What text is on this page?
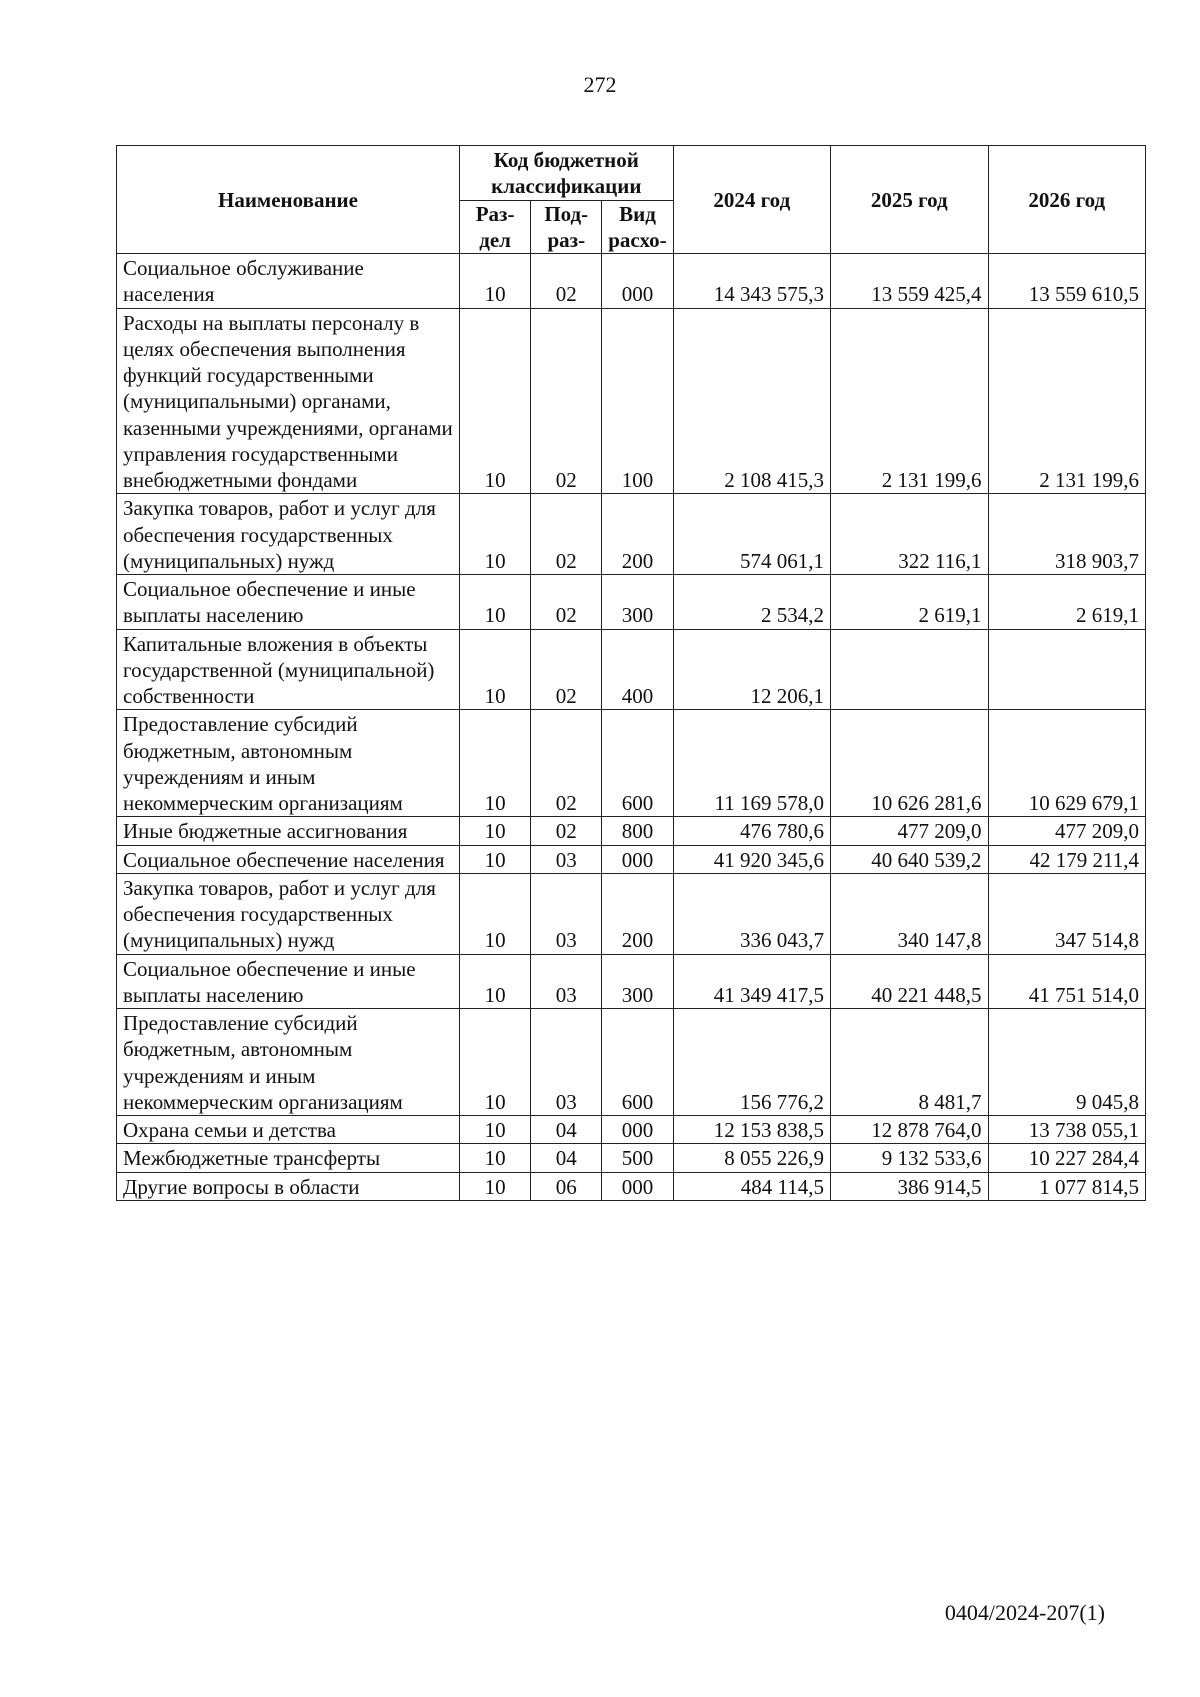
272
Наименование	Код бюджетной классификации			2024 год	2025 год	2026 год
	Раз- дел	Под- раз-	Вид расхо-			
Социальное обслуживание населения	10	02	000	14 343 575,3	13 559 425,4	13 559 610,5
Расходы на выплаты персоналу в целях обеспечения выполнения функций государственными (муниципальными) органами, казенными учреждениями, органами управления государственными внебюджетными фондами	10	02	100	2 108 415,3	2 131 199,6	2 131 199,6
Закупка товаров, работ и услуг для обеспечения государственных (муниципальных) нужд	10	02	200	574 061,1	322 116,1	318 903,7
Социальное обеспечение и иные выплаты населению	10	02	300	2 534,2	2 619,1	2 619,1
Капитальные вложения в объекты государственной (муниципальной) собственности	10	02	400	12 206,1		
Предоставление субсидий бюджетным, автономным учреждениям и иным некоммерческим организациям	10	02	600	11 169 578,0	10 626 281,6	10 629 679,1
Иные бюджетные ассигнования	10	02	800	476 780,6	477 209,0	477 209,0
Социальное обеспечение населения	10	03	000	41 920 345,6	40 640 539,2	42 179 211,4
Закупка товаров, работ и услуг для обеспечения государственных (муниципальных) нужд	10	03	200	336 043,7	340 147,8	347 514,8
Социальное обеспечение и иные выплаты населению	10	03	300	41 349 417,5	40 221 448,5	41 751 514,0
Предоставление субсидий бюджетным, автономным учреждениям и иным некоммерческим организациям	10	03	600	156 776,2	8 481,7	9 045,8
Охрана семьи и детства	10	04	000	12 153 838,5	12 878 764,0	13 738 055,1
Межбюджетные трансферты	10	04	500	8 055 226,9	9 132 533,6	10 227 284,4
Другие вопросы в области	10	06	000	484 114,5	386 914,5	1 077 814,5
0404/2024-207(1)
